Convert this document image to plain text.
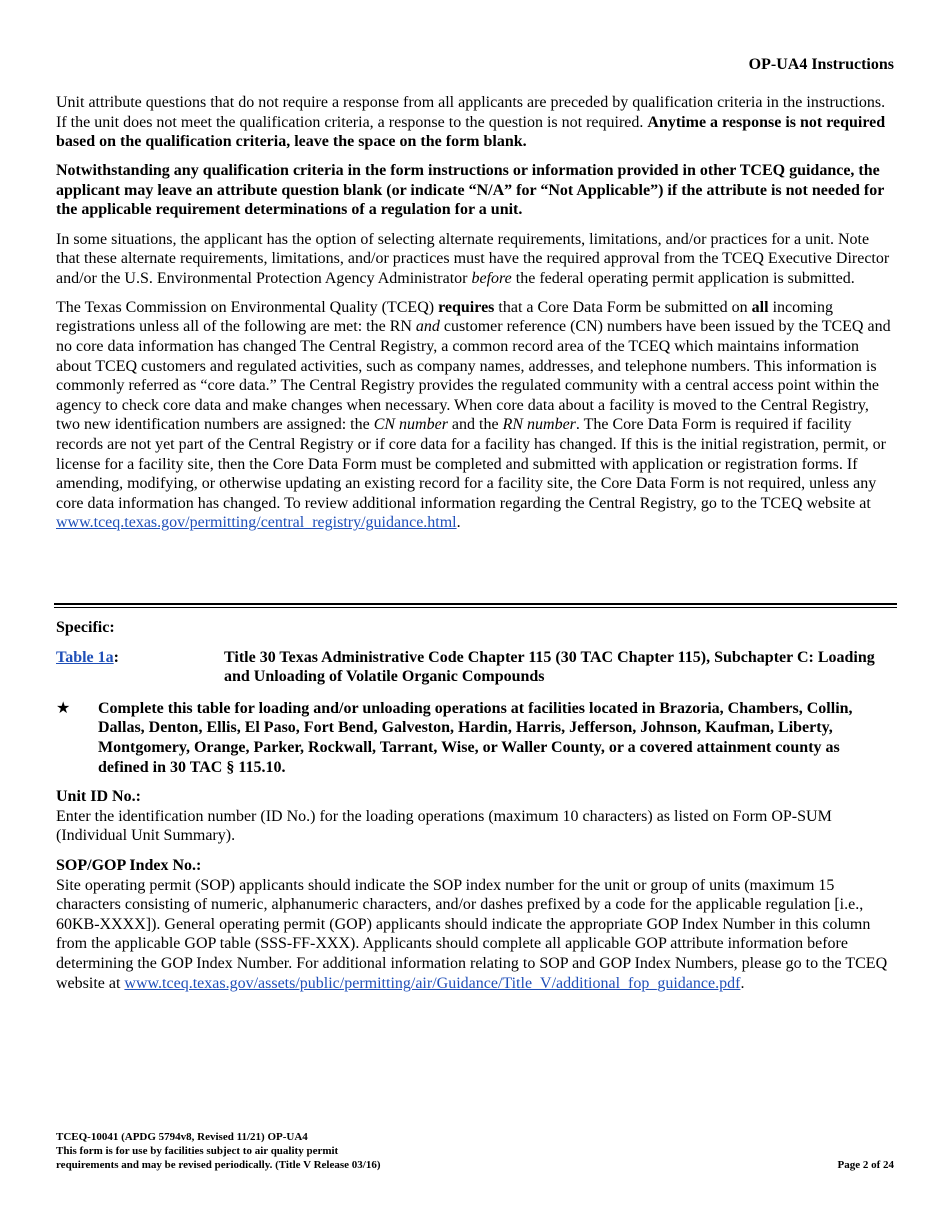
OP-UA4 Instructions

Unit attribute questions that do not require a response from all applicants are preceded by qualification criteria in the instructions. If the unit does not meet the qualification criteria, a response to the question is not required. Anytime a response is not required based on the qualification criteria, leave the space on the form blank.

Notwithstanding any qualification criteria in the form instructions or information provided in other TCEQ guidance, the applicant may leave an attribute question blank (or indicate “N/A” for “Not Applicable”) if the attribute is not needed for the applicable requirement determinations of a regulation for a unit.

In some situations, the applicant has the option of selecting alternate requirements, limitations, and/or practices for a unit. Note that these alternate requirements, limitations, and/or practices must have the required approval from the TCEQ Executive Director and/or the U.S. Environmental Protection Agency Administrator before the federal operating permit application is submitted.

The Texas Commission on Environmental Quality (TCEQ) requires that a Core Data Form be submitted on all incoming registrations unless all of the following are met: the RN and customer reference (CN) numbers have been issued by the TCEQ and no core data information has changed The Central Registry, a common record area of the TCEQ which maintains information about TCEQ customers and regulated activities, such as company names, addresses, and telephone numbers. This information is commonly referred as “core data.” The Central Registry provides the regulated community with a central access point within the agency to check core data and make changes when necessary. When core data about a facility is moved to the Central Registry, two new identification numbers are assigned: the CN number and the RN number. The Core Data Form is required if facility records are not yet part of the Central Registry or if core data for a facility has changed. If this is the initial registration, permit, or license for a facility site, then the Core Data Form must be completed and submitted with application or registration forms. If amending, modifying, or otherwise updating an existing record for a facility site, the Core Data Form is not required, unless any core data information has changed. To review additional information regarding the Central Registry, go to the TCEQ website at www.tceq.texas.gov/permitting/central_registry/guidance.html.

Specific:
Table 1a:	Title 30 Texas Administrative Code Chapter 115 (30 TAC Chapter 115), Subchapter C: Loading and Unloading of Volatile Organic Compounds
★	Complete this table for loading and/or unloading operations at facilities located in Brazoria, Chambers, Collin, Dallas, Denton, Ellis, El Paso, Fort Bend, Galveston, Hardin, Harris, Jefferson, Johnson, Kaufman, Liberty, Montgomery, Orange, Parker, Rockwall, Tarrant, Wise, or Waller County, or a covered attainment county as defined in 30 TAC § 115.10.
Unit ID No.:
Enter the identification number (ID No.) for the loading operations (maximum 10 characters) as listed on Form OP-SUM (Individual Unit Summary).
SOP/GOP Index No.:
Site operating permit (SOP) applicants should indicate the SOP index number for the unit or group of units (maximum 15 characters consisting of numeric, alphanumeric characters, and/or dashes prefixed by a code for the applicable regulation [i.e., 60KB-XXXX]). General operating permit (GOP) applicants should indicate the appropriate GOP Index Number in this column from the applicable GOP table (SSS-FF-XXX). Applicants should complete all applicable GOP attribute information before determining the GOP Index Number. For additional information relating to SOP and GOP Index Numbers, please go to the TCEQ website at www.tceq.texas.gov/assets/public/permitting/air/Guidance/Title_V/additional_fop_guidance.pdf.
TCEQ-10041 (APDG 5794v8, Revised 11/21) OP-UA4
This form is for use by facilities subject to air quality permit
requirements and may be revised periodically. (Title V Release 03/16)	Page 2 of 24
